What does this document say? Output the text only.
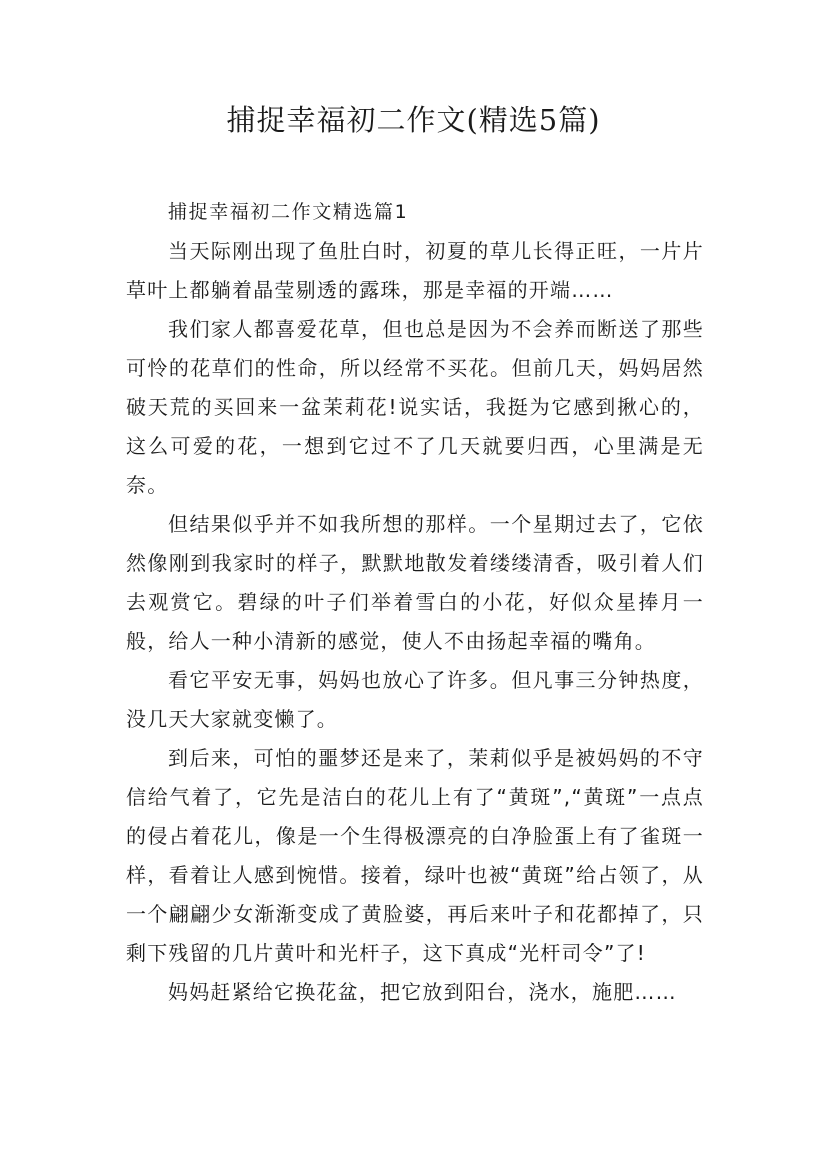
捕捉幸福初二作文(精选5篇)
捕捉幸福初二作文精选篇1

当天际刚出现了鱼肚白时，初夏的草儿长得正旺，一片片草叶上都躺着晶莹剔透的露珠，那是幸福的开端……

我们家人都喜爱花草，但也总是因为不会养而断送了那些可怜的花草们的性命，所以经常不买花。但前几天，妈妈居然破天荒的买回来一盆茉莉花!说实话，我挺为它感到揪心的，这么可爱的花，一想到它过不了几天就要归西，心里满是无奈。

但结果似乎并不如我所想的那样。一个星期过去了，它依然像刚到我家时的样子，默默地散发着缕缕清香，吸引着人们去观赏它。碧绿的叶子们举着雪白的小花，好似众星捧月一般，给人一种小清新的感觉，使人不由扬起幸福的嘴角。

看它平安无事，妈妈也放心了许多。但凡事三分钟热度，没几天大家就变懒了。

到后来，可怕的噩梦还是来了，茉莉似乎是被妈妈的不守信给气着了，它先是洁白的花儿上有了“黄斑”,“黄斑”一点点的侵占着花儿，像是一个生得极漂亮的白净脸蛋上有了雀斑一样，看着让人感到惋惜。接着，绿叶也被“黄斑”给占领了，从一个翩翩少女渐渐变成了黄脸婆，再后来叶子和花都掉了，只剩下残留的几片黄叶和光杆子，这下真成“光杆司令”了!

妈妈赶紧给它换花盆，把它放到阳台，浇水，施肥……
